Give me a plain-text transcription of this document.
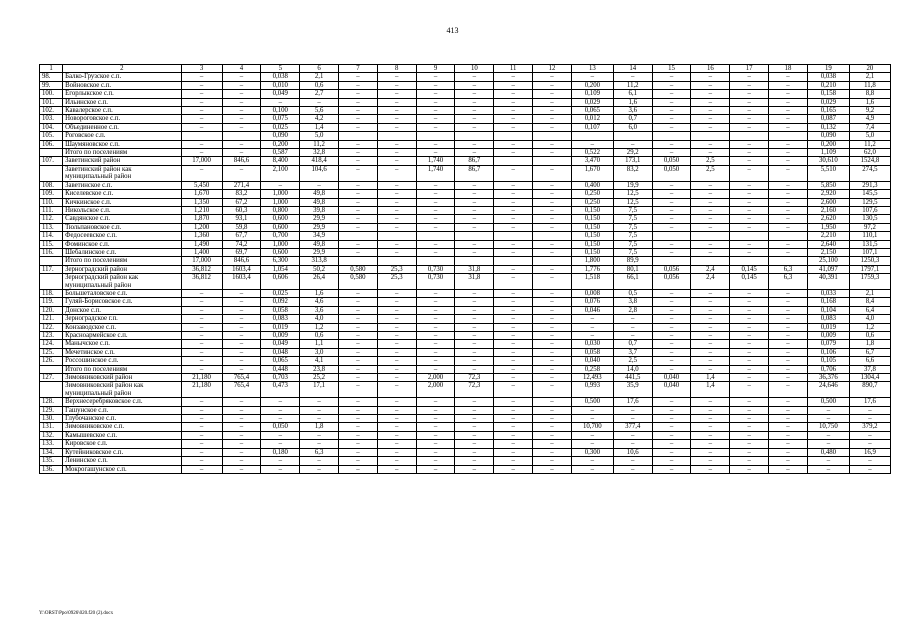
413
1	2	3	4	5	6	7	8	9	10	11	12	13	14	15	16	17	18	19	20
98.	Балко-Грузское с.п.	–	–	0,038	2,1	–	–	–	–	–	–	–	–	–	–	–	–	0,038	2,1
99.	Войновское с.п.	–	–	0,010	0,6	–	–	–	–	–	–	0,200	11,2	–	–	–	–	0,210	11,8
100.	Егорлыкское с.п.	–	–	0,049	2,7	–	–	–	–	–	–	0,109	6,1	–	–	–	–	0,158	8,8
101.	Ильинское с.п.	–	–	–	–	–	–	–	–	–	–	0,029	1,6	–	–	–	–	0,029	1,6
102.	Кавалерское с.п.	–	–	0,100	5,6	–	–	–	–	–	–	0,065	3,6	–	–	–	–	0,165	9,2
103.	Новороговское с.п.	–	–	0,075	4,2	–	–	–	–	–	–	0,012	0,7	–	–	–	–	0,087	4,9
104.	Объединенное с.п.	–	–	0,025	1,4	–	–	–	–	–	–	0,107	6,0	–	–	–	–	0,132	7,4
105.	Роговское с.п.			0,090	5,0													0,090	5,0
106.	Шаумяновское с.п.	–	–	0,200	11,2	–	–	–	–	–	–	–	–	–	–	–	–	0,200	11,2
	Итого по поселениям	–	–	0,587	32,8	–	–	–	–	–	–	0,522	29,2	–	–	–	–	1,109	62,0
107.	Заветинский район	17,000	846,6	8,400	418,4	–	–	1,740	86,7			3,470	173,1	0,050	2,5	–	–	30,610	1524,8
	Заветинский район как муниципальный район	–	–	2,100	104,6	–	–	1,740	86,7	–	–	1,670	83,2	0,050	2,5	–	–	5,510	274,5
108.	Заветинское с.п.	5,450	271,4	–	–	–	–	–	–	–	–	0,400	19,9	–	–	–	–	5,850	291,3
109.	Киселевское с.п.	1,670	83,2	1,000	49,8	–	–	–	–	–	–	0,250	12,5	–	–	–	–	2,920	145,5
110.	Кичкинское с.п.	1,350	67,2	1,000	49,8	–	–	–	–	–	–	0,250	12,5	–	–	–	–	2,600	129,5
111.	Никольское с.п.	1,210	60,3	0,800	39,8	–	–	–	–	–	–	0,150	7,5	–	–	–	–	2,160	107,6
112.	Савдянское с.п.	1,870	93,1	0,600	29,9	–	–	–	–	–	–	0,150	7,5	–	–	–	–	2,620	130,5
113.	Тюльпановское с.п.	1,200	59,8	0,600	29,9	–	–	–	–	–	–	0,150	7,5	–	–	–	–	1,950	97,2
114.	Федосеевское с.п.	1,360	67,7	0,700	34,9							0,150	7,5					2,210	110,1
115.	Фоминское с.п.	1,490	74,2	1,000	49,8	–	–	–	–	–	–	0,150	7,5	–	–	–	–	2,640	131,5
116.	Шебалинское с.п.	1,400	69,7	0,600	29,9	–	–	–	–	–	–	0,150	7,5	–	–	–	–	2,150	107,1
	Итого по поселениям	17,000	846,6	6,300	313,8							1,800	89,9					25,100	1250,3
117.	Зерноградский район	36,812	1603,4	1,054	50,2	0,580	25,3	0,730	31,8	–	–	1,776	80,1	0,056	2,4	0,145	6,3	41,097	1797,1
	Зерноградский район как муниципальный район	36,812	1603,4	0,606	26,4	0,580	25,3	0,730	31,8	–	–	1,518	66,1	0,056	2,4	0,145	6,3	40,391	1759,3
118.	Большеталовское с.п.	–	–	0,025	1,6	–	–	–	–	–	–	0,008	0,5	–	–	–	–	0,033	2,1
119.	Гуляй-Борисовское с.п.	–	–	0,092	4,6	–	–	–	–	–	–	0,076	3,8	–	–	–	–	0,168	8,4
120.	Донское с.п.	–	–	0,058	3,6	–	–	–	–	–	–	0,046	2,8	–	–	–	–	0,104	6,4
121.	Зерноградское г.п.	–	–	0,083	4,0	–	–	–	–	–	–	–	–	–	–	–	–	0,083	4,0
122.	Конзаводское с.п.	–	–	0,019	1,2	–	–	–	–	–	–	–	–	–	–	–	–	0,019	1,2
123.	Красноармейское с.п.	–	–	0,009	0,6	–	–	–	–	–	–	–	–	–	–	–	–	0,009	0,6
124.	Манычское с.п.	–	–	0,049	1,1	–	–	–	–	–	–	0,030	0,7	–	–	–	–	0,079	1,8
125.	Мечетинское с.п.	–	–	0,048	3,0	–	–	–	–	–	–	0,058	3,7	–	–	–	–	0,106	6,7
126.	Россошинское с.п.	–	–	0,065	4,1	–	–	–	–	–	–	0,040	2,5	–	–	–	–	0,105	6,6
	Итого по поселениям	–	–	0,448	23,8	–	–	–	–	–	–	0,258	14,0	–	–	–	–	0,706	37,8
127.	Зимовниковский район	21,180	765,4	0,703	25,2	–	–	2,000	72,3	–	–	12,493	441,5	0,040	1,4	–	–	36,376	1304,4
	Зимовниковский район как муниципальный район	21,180	765,4	0,473	17,1	–	–	2,000	72,3	–	–	0,993	35,9	0,040	1,4	–	–	24,646	890,7
128.	Верхнесеребряковское с.п.	–	–	–	–	–	–	–	–	–	–	0,500	17,6	–	–	–	–	0,500	17,6
129.	Гашунское с.п.	–	–	–	–	–	–	–	–	–	–	–	–	–	–	–	–	–	–
130.	Глубочанское с.п.	–	–	–	–	–	–	–	–	–	–	–	–	–	–	–	–	–	–
131.	Зимовниковское с.п.	–	–	0,050	1,8	–	–	–	–	–	–	10,700	377,4	–	–	–	–	10,750	379,2
132.	Камышевское с.п.	–	–	–	–	–	–	–	–	–	–	–	–	–	–	–	–	–	–
133.	Кировское с.п.	–	–	–	–	–	–	–	–	–	–	–	–	–	–	–	–	–	–
134.	Кутейниковское с.п.	–	–	0,180	6,3	–	–	–	–	–	–	0,300	10,6	–	–	–	–	0,480	16,9
135.	Ленинское с.п.	–	–	–	–	–	–	–	–	–	–	–	–	–	–	–	–	–	–
136.	Мокрогашунское с.п.	–	–	–	–	–	–	–	–	–	–	–	–	–	–	–	–	–	–
Y:\ORST\Ppo\0926\020.f20 (2).docx
